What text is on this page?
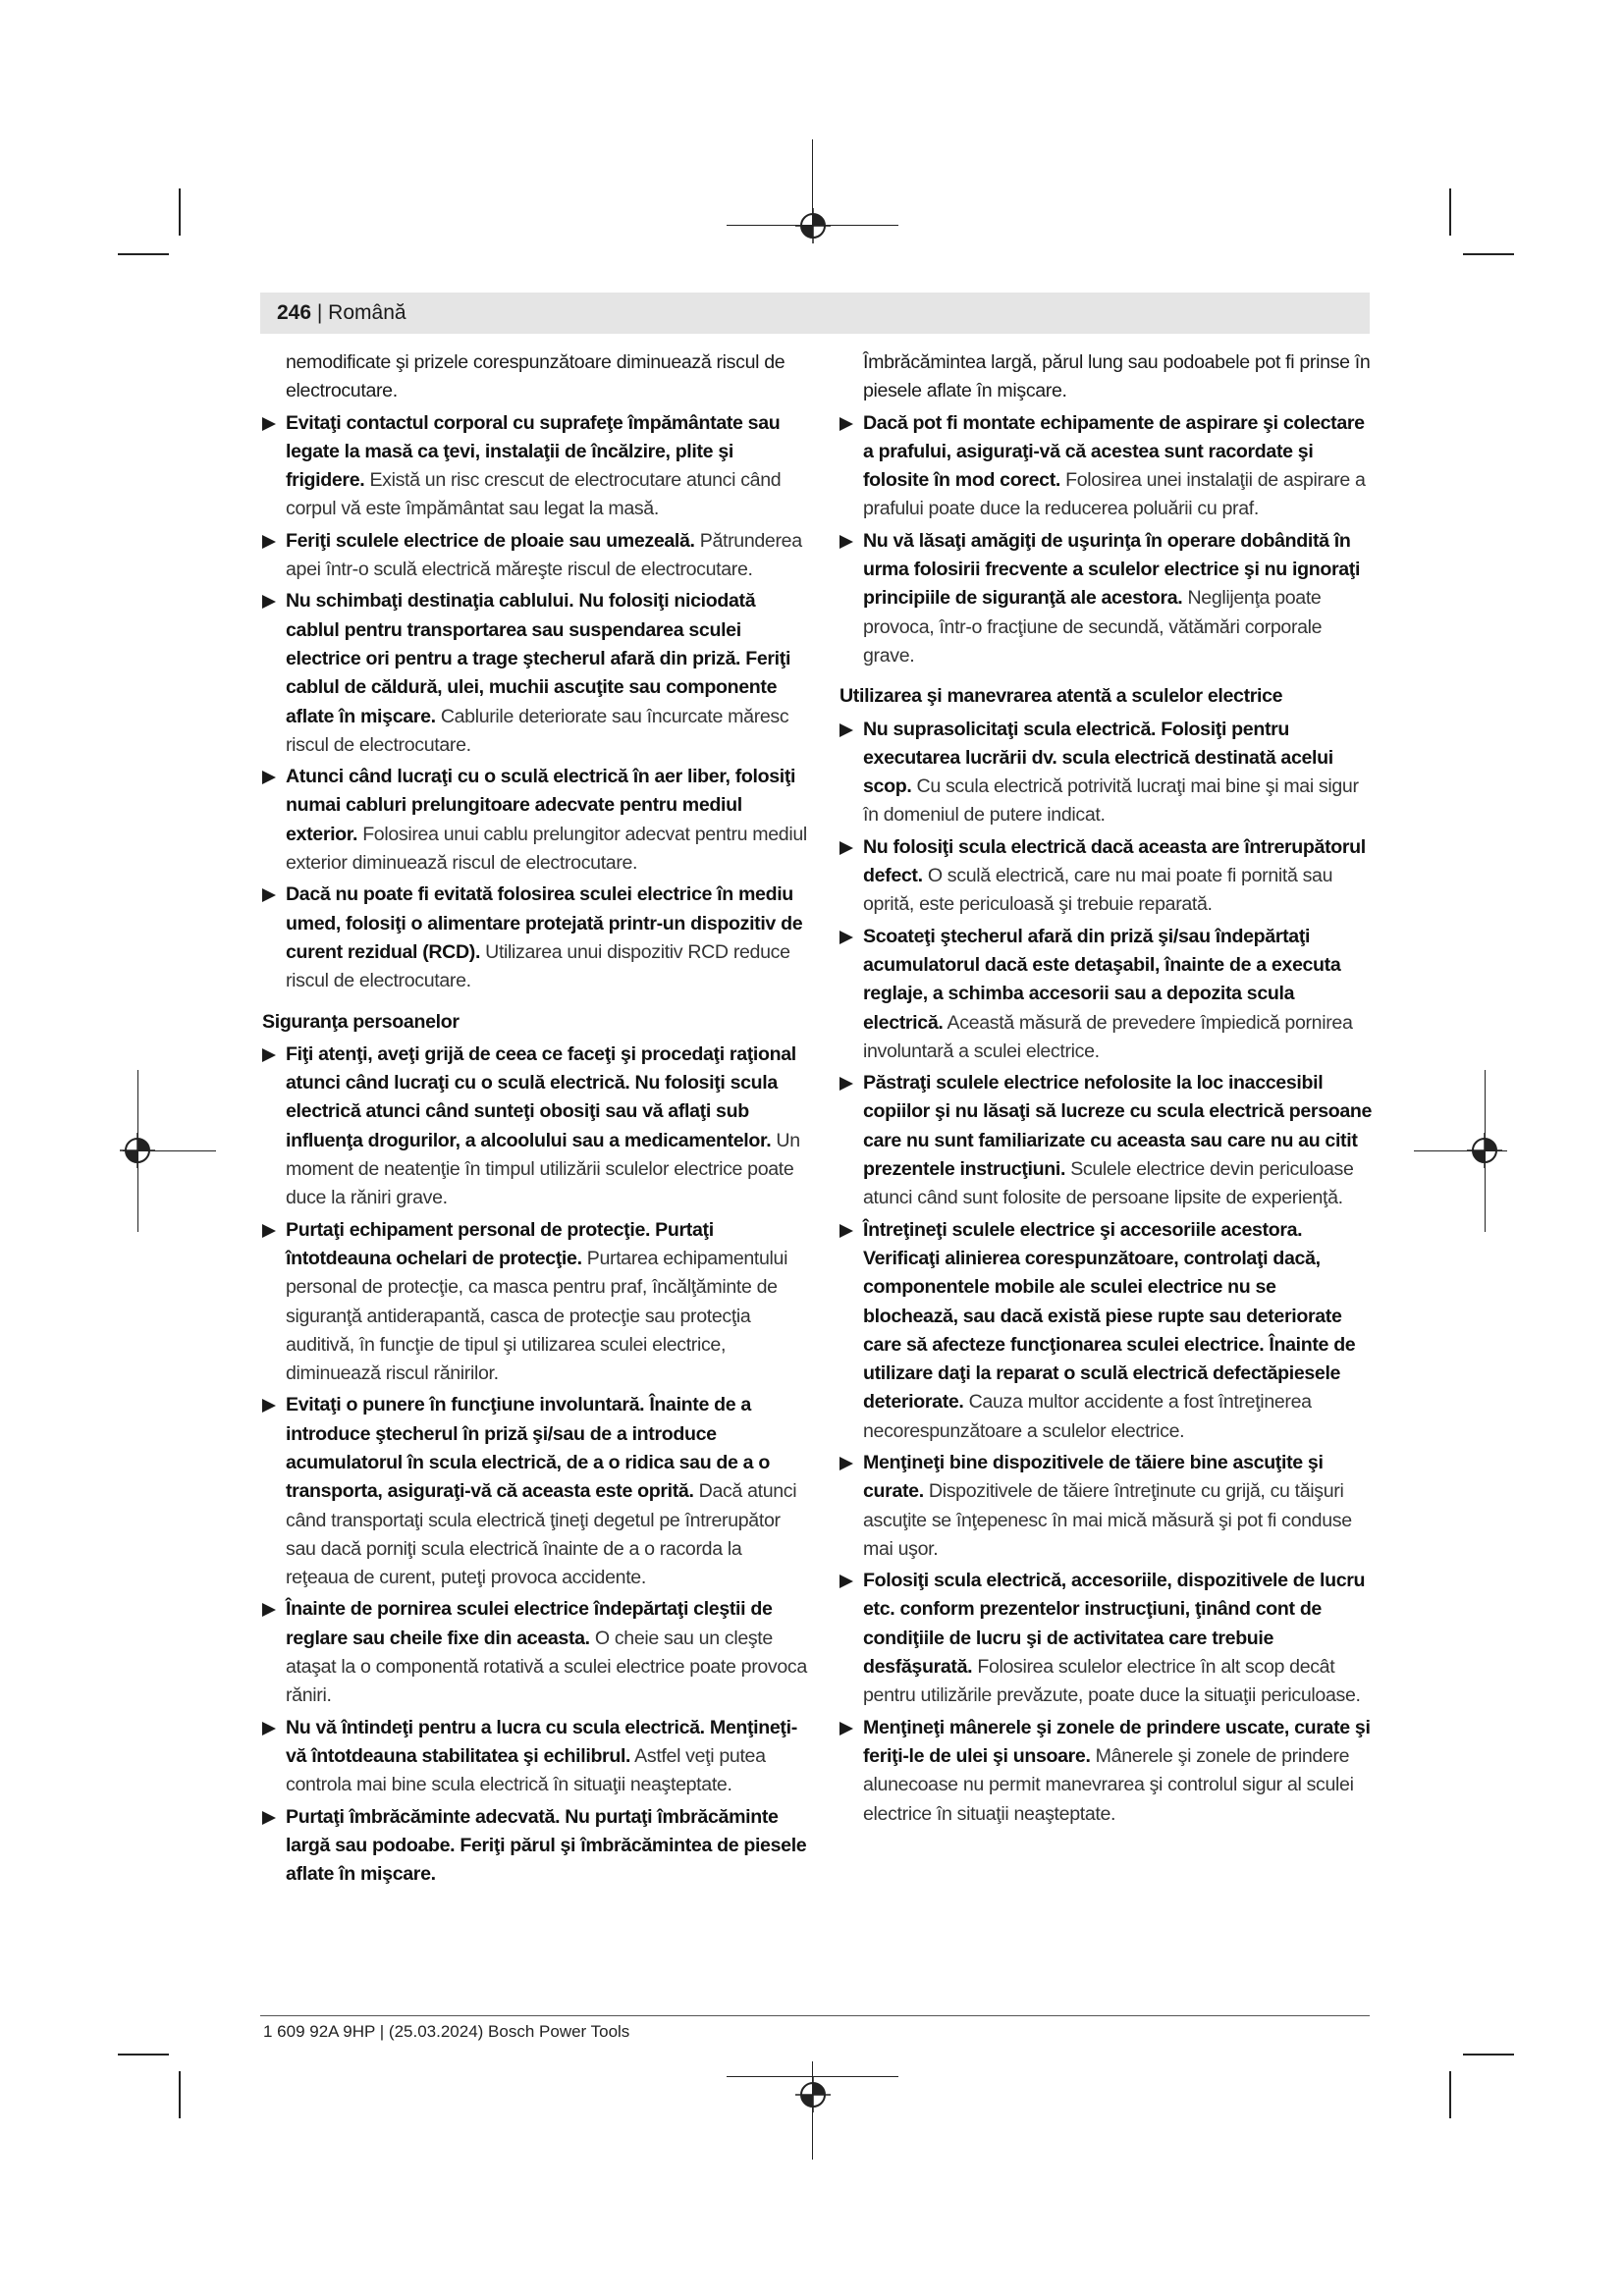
246 | Română
nemodificate şi prizele corespunzătoare diminuează riscul de electrocutare.
Evitaţi contactul corporal cu suprafeţe împământate sau legate la masă ca ţevi, instalaţii de încălzire, plite şi frigidere. Există un risc crescut de electrocutare atunci când corpul vă este împământat sau legat la masă.
Feriţi sculele electrice de ploaie sau umezeală. Pătrunderea apei într-o sculă electrică măreşte riscul de electrocutare.
Nu schimbaţi destinaţia cablului. Nu folosiţi niciodată cablul pentru transportarea sau suspendarea sculei electrice ori pentru a trage ştecherul afară din priză. Feriţi cablul de căldură, ulei, muchii ascuţite sau componente aflate în mişcare. Cablurile deteriorate sau încurcate măresc riscul de electrocutare.
Atunci când lucraţi cu o sculă electrică în aer liber, folosiţi numai cabluri prelungitoare adecvate pentru mediul exterior. Folosirea unui cablu prelungitor adecvat pentru mediul exterior diminuează riscul de electrocutare.
Dacă nu poate fi evitată folosirea sculei electrice în mediu umed, folosiţi o alimentare protejată printr-un dispozitiv de curent rezidual (RCD). Utilizarea unui dispozitiv RCD reduce riscul de electrocutare.
Siguranţa persoanelor
Fiţi atenţi, aveţi grijă de ceea ce faceţi şi procedaţi raţional atunci când lucraţi cu o sculă electrică. Nu folosiţi scula electrică atunci când sunteţi obosiţi sau vă aflaţi sub influenţa drogurilor, a alcoolului sau a medicamentelor. Un moment de neatenţie în timpul utilizării sculelor electrice poate duce la răniri grave.
Purtaţi echipament personal de protecţie. Purtaţi întotdeauna ochelari de protecţie. Purtarea echipamentului personal de protecţie, ca masca pentru praf, încălţăminte de siguranţă antiderapantă, casca de protecţie sau protecţia auditivă, în funcţie de tipul şi utilizarea sculei electrice, diminuează riscul rănirilor.
Evitaţi o punere în funcţiune involuntară. Înainte de a introduce ştecherul în priză şi/sau de a introduce acumulatorul în scula electrică, de a o ridica sau de a o transporta, asiguraţi-vă că aceasta este oprită. Dacă atunci când transportaţi scula electrică ţineţi degetul pe întrerupător sau dacă porniţi scula electrică înainte de a o racorda la reţeaua de curent, puteţi provoca accidente.
Înainte de pornirea sculei electrice îndepărtaţi cleştii de reglare sau cheile fixe din aceasta. O cheie sau un cleşte ataşat la o componentă rotativă a sculei electrice poate provoca răniri.
Nu vă întindeţi pentru a lucra cu scula electrică. Menţineţi-vă întotdeauna stabilitatea şi echilibrul. Astfel veţi putea controla mai bine scula electrică în situaţii neaşteptate.
Purtaţi îmbrăcăminte adecvată. Nu purtaţi îmbrăcăminte largă sau podoabe. Feriţi părul şi îmbrăcămintea de piesele aflate în mişcare.
Îmbrăcămintea largă, părul lung sau podoabele pot fi prinse în piesele aflate în mişcare.
Dacă pot fi montate echipamente de aspirare şi colectare a prafului, asiguraţi-vă că acestea sunt racordate şi folosite în mod corect. Folosirea unei instalaţii de aspirare a prafului poate duce la reducerea poluării cu praf.
Nu vă lăsaţi amăgiţi de uşurinţa în operare dobândită în urma folosirii frecvente a sculelor electrice şi nu ignoraţi principiile de siguranţă ale acestora. Neglijenţa poate provoca, într-o fracţiune de secundă, vătămări corporale grave.
Utilizarea şi manevrarea atentă a sculelor electrice
Nu suprasolicitaţi scula electrică. Folosiţi pentru executarea lucrării dv. scula electrică destinată acelui scop. Cu scula electrică potrivită lucraţi mai bine şi mai sigur în domeniul de putere indicat.
Nu folosiţi scula electrică dacă aceasta are întrerupătorul defect. O sculă electrică, care nu mai poate fi pornită sau oprită, este periculoasă şi trebuie reparată.
Scoateţi ştecherul afară din priză şi/sau îndepărtaţi acumulatorul dacă este detaşabil, înainte de a executa reglaje, a schimba accesorii sau a depozita scula electrică. Această măsură de prevedere împiedică pornirea involuntară a sculei electrice.
Păstraţi sculele electrice nefolosite la loc inaccesibil copiilor şi nu lăsaţi să lucreze cu scula electrică persoane care nu sunt familiarizate cu aceasta sau care nu au citit prezentele instrucţiuni. Sculele electrice devin periculoase atunci când sunt folosite de persoane lipsite de experienţă.
Întreţineţi sculele electrice şi accesoriile acestora. Verificaţi alinierea corespunzătoare, controlaţi dacă, componentele mobile ale sculei electrice nu se blochează, sau dacă există piese rupte sau deteriorate care să afecteze funcţionarea sculei electrice. Înainte de utilizare daţi la reparat o sculă electrică defectăpiesele deteriorate. Cauza multor accidente a fost întreţinerea necorespunzătoare a sculelor electrice.
Menţineţi bine dispozitivele de tăiere bine ascuţite şi curate. Dispozitivele de tăiere întreţinute cu grijă, cu tăişuri ascuţite se înţepenesc în mai mică măsură şi pot fi conduse mai uşor.
Folosiţi scula electrică, accesoriile, dispozitivele de lucru etc. conform prezentelor instrucţiuni, ţinând cont de condiţiile de lucru şi de activitatea care trebuie desfăşurată. Folosirea sculelor electrice în alt scop decât pentru utilizările prevăzute, poate duce la situaţii periculoase.
Menţineţi mânerele şi zonele de prindere uscate, curate şi feriţi-le de ulei şi unsoare. Mânerele şi zonele de prindere alunecoase nu permit manevrarea şi controlul sigur al sculei electrice în situaţii neaşteptate.
1 609 92A 9HP | (25.03.2024) Bosch Power Tools
